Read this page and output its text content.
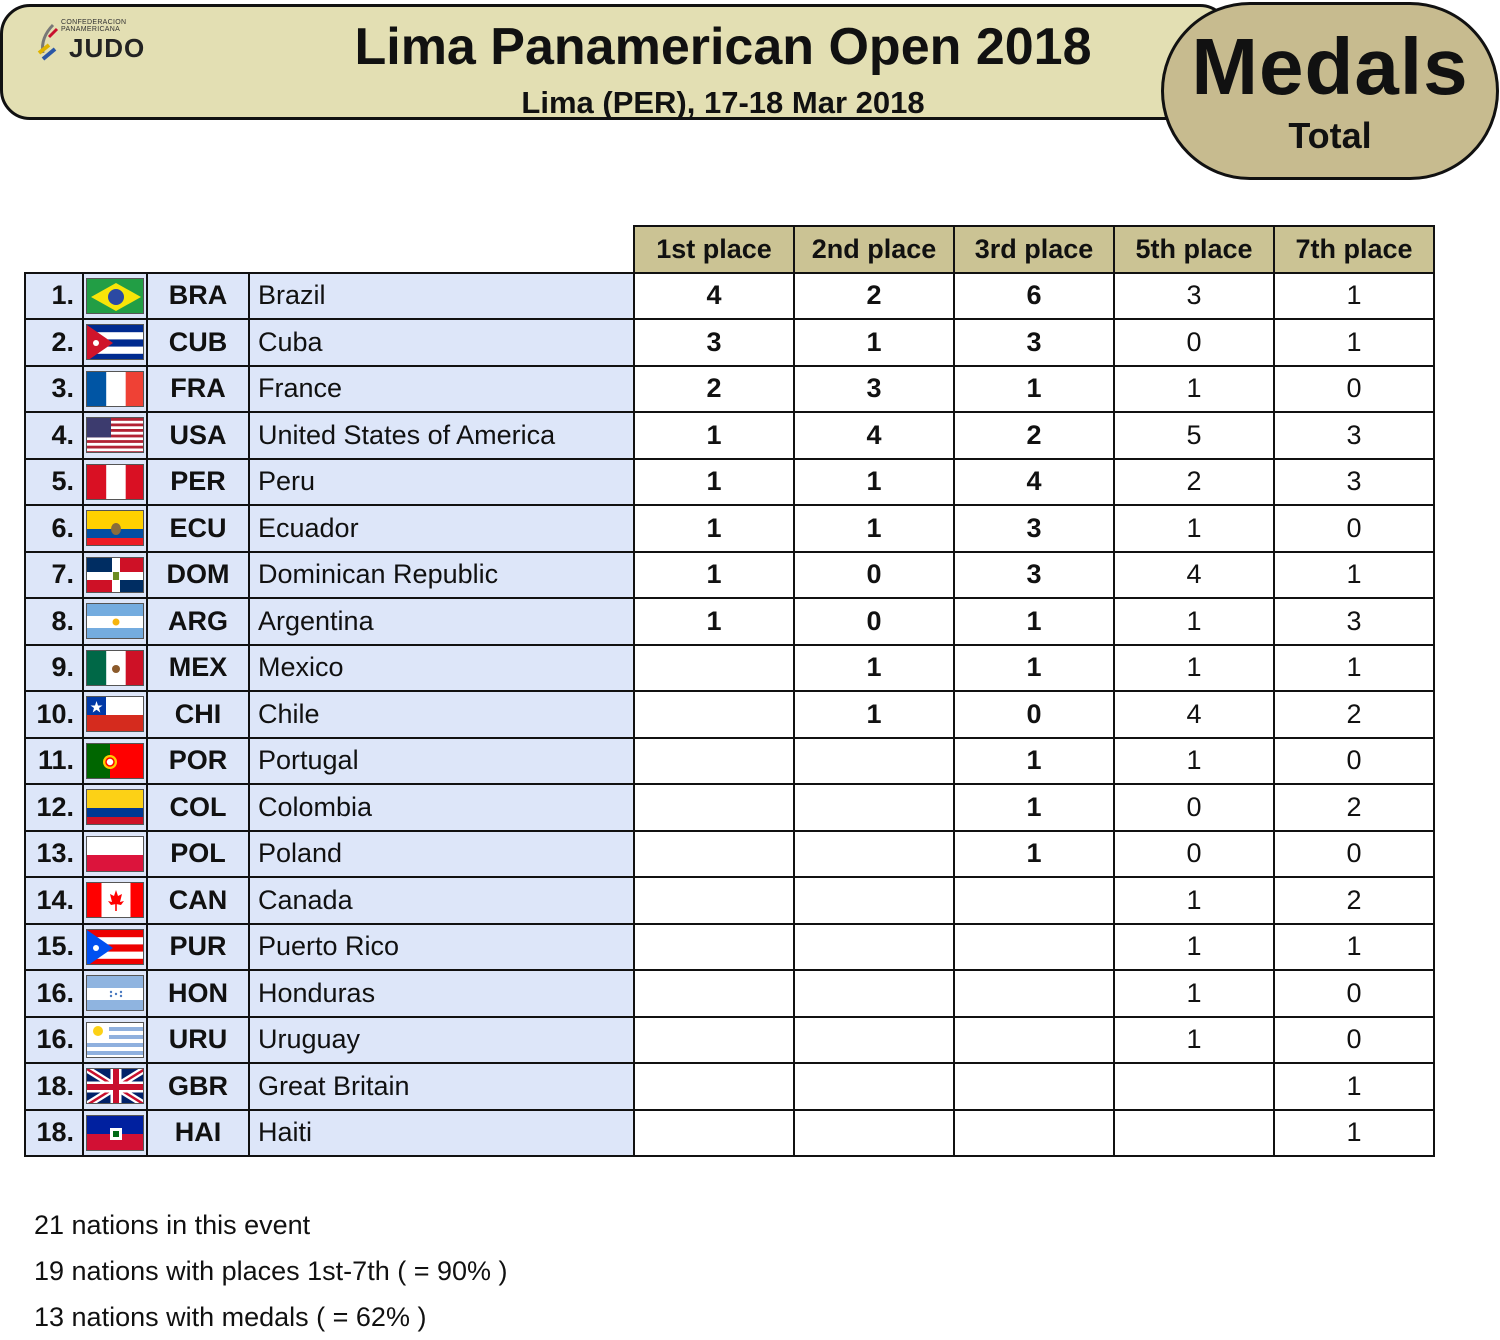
CONFEDERACION PANAMERICANA
JUDO	Lima Panamerican Open 2018
Lima (PER), 17-18 Mar 2018	Medals
Total
				1st place	2nd place	3rd place	5th place	7th place
1.		BRA	Brazil	4	2	6	3	1
2.		CUB	Cuba	3	1	3	0	1
3.		FRA	France	2	3	1	1	0
4.		USA	United States of America	1	4	2	5	3
5.		PER	Peru	1	1	4	2	3
6.		ECU	Ecuador	1	1	3	1	0
7.		DOM	Dominican Republic	1	0	3	4	1
8.		ARG	Argentina	1	0	1	1	3
9.		MEX	Mexico		1	1	1	1
10.		CHI	Chile		1	0	4	2
11.		POR	Portugal			1	1	0
12.		COL	Colombia			1	0	2
13.		POL	Poland			1	0	0
14.		CAN	Canada				1	2
15.		PUR	Puerto Rico				1	1
16.		HON	Honduras				1	0
16.		URU	Uruguay				1	0
18.		GBR	Great Britain					1
18.		HAI	Haiti					1
21 nations in this event
19 nations with places 1st-7th ( = 90% )
13 nations with medals ( = 62% )
